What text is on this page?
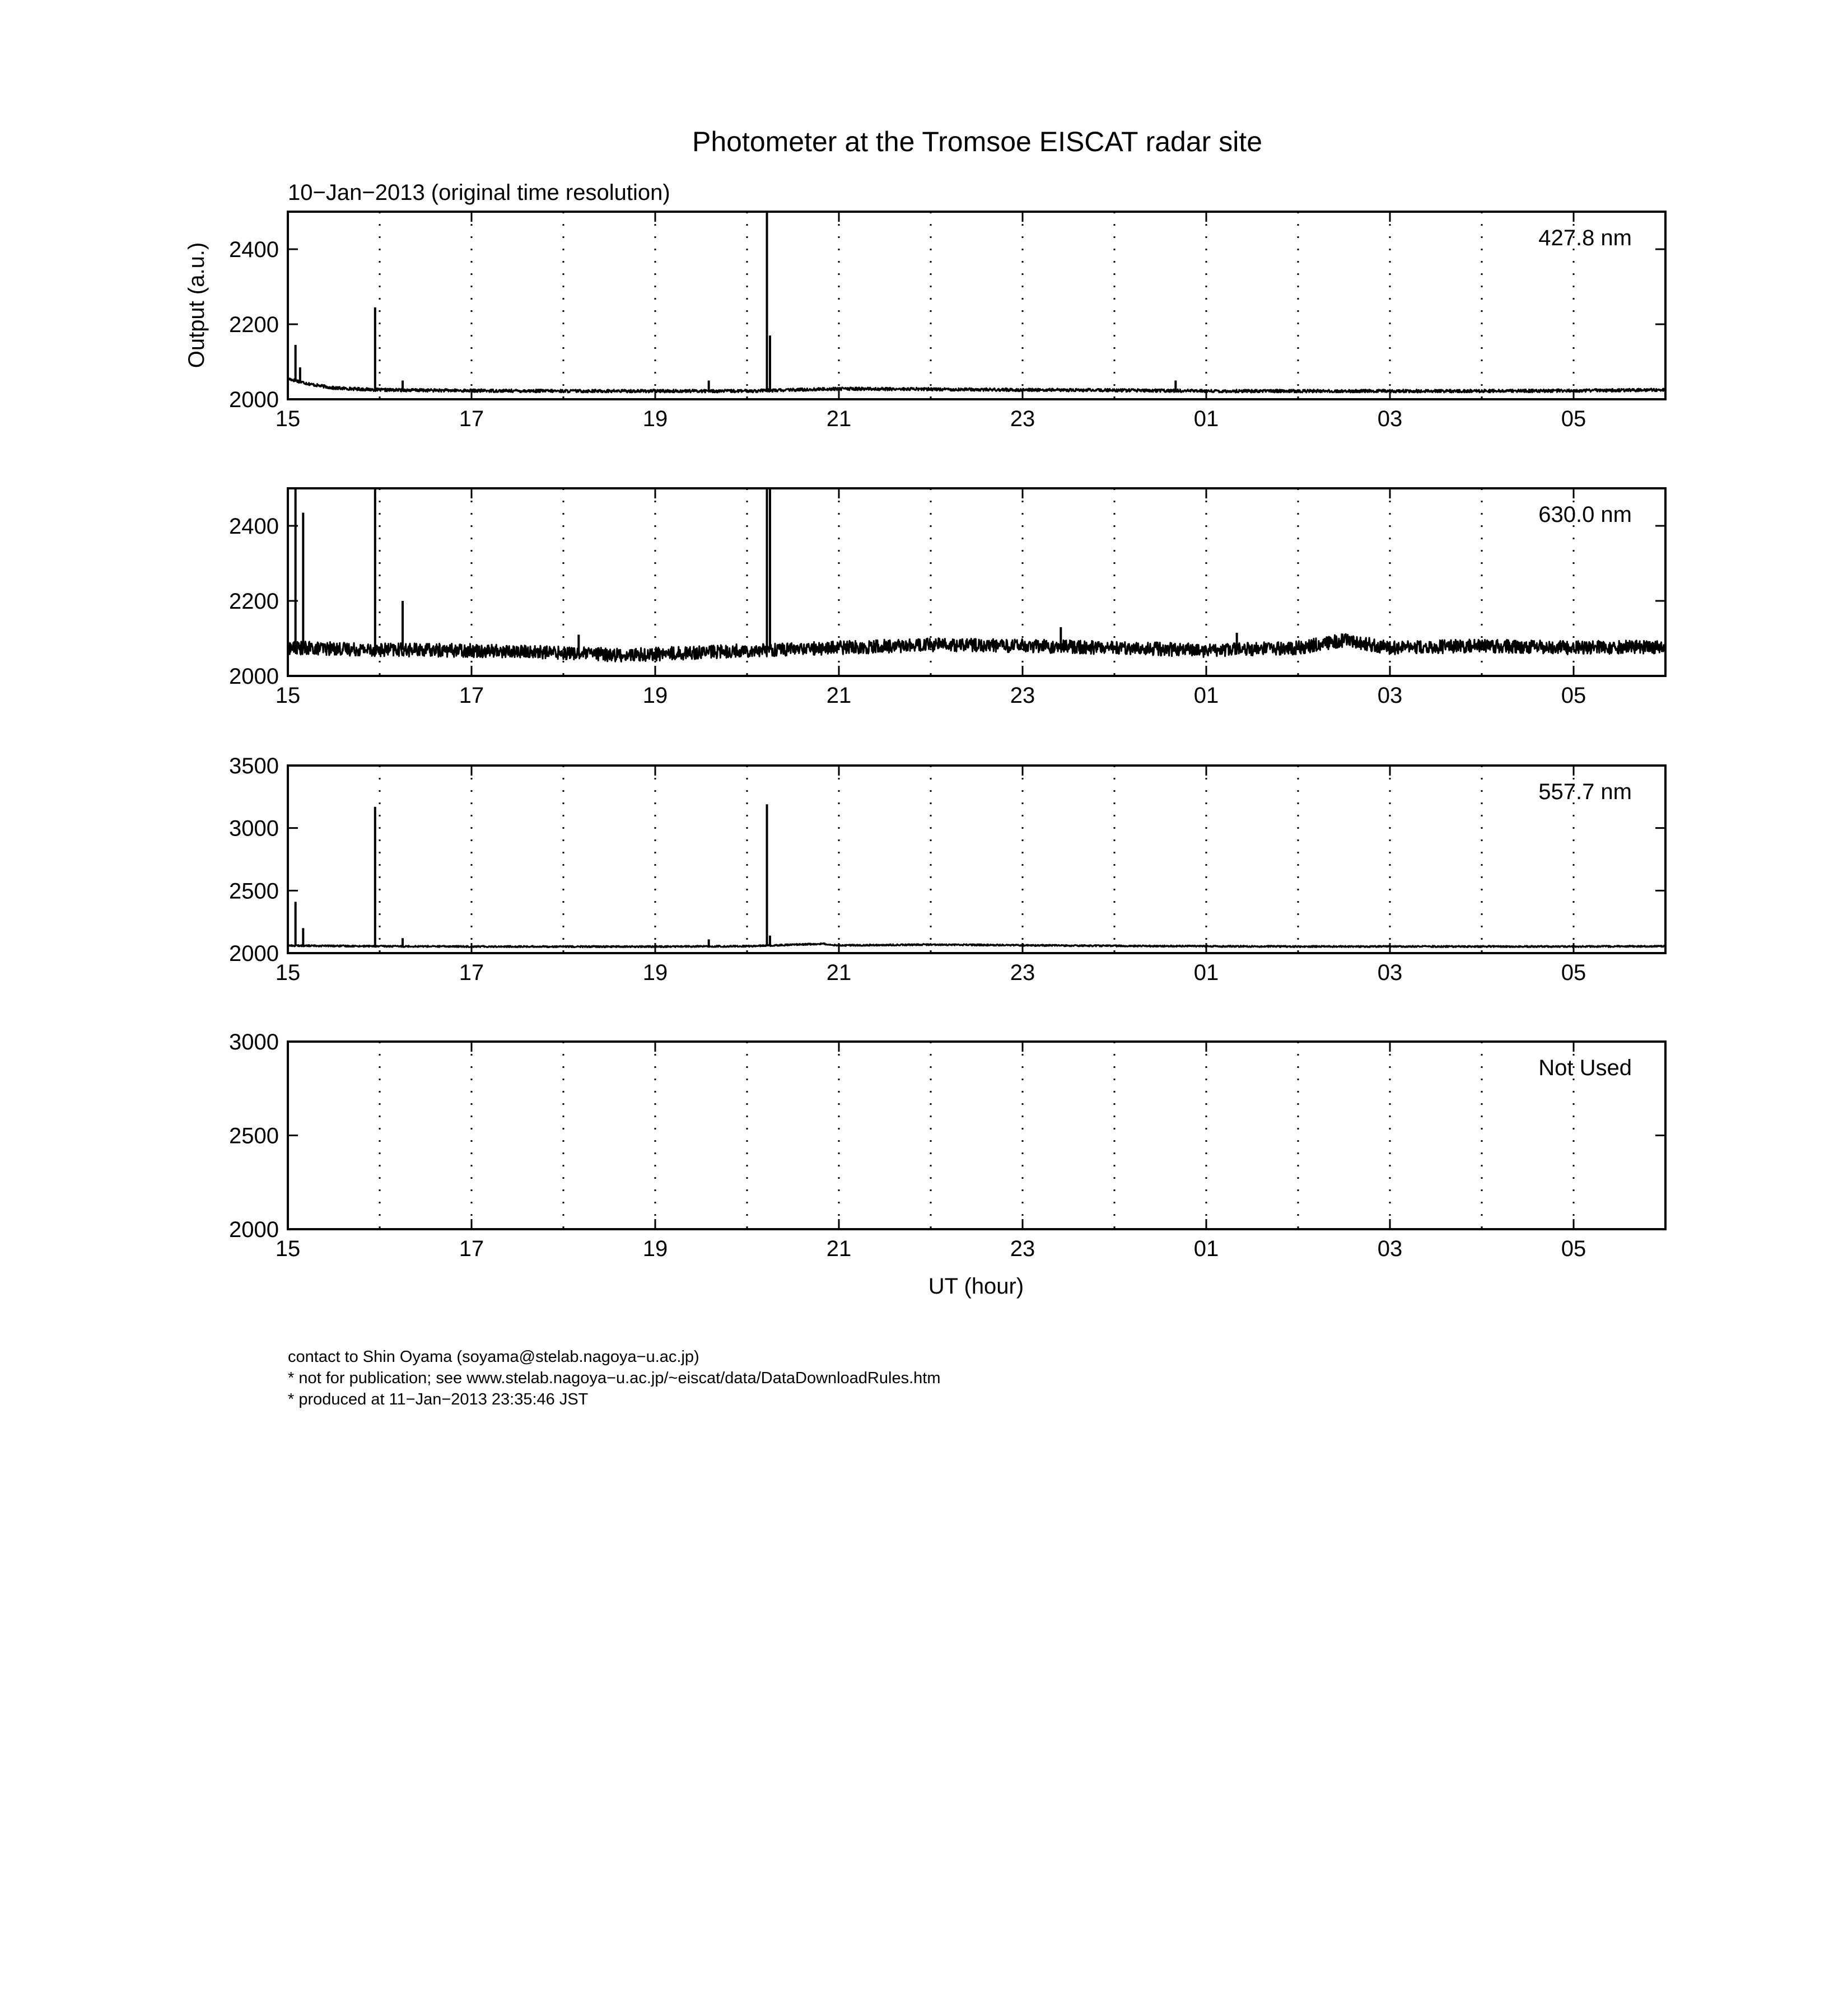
Photometer at the Tromsoe EISCAT radar site
10−Jan−2013 (original time resolution)
Output (a.u.)
UT (hour)
15	17	19	21	23	01	03	05
2000
2200
2400	427.8 nm
15	17	19	21	23	01	03	05
2000
2200
2400	630.0 nm
15	17	19	21	23	01	03	05
2000
2500
3000
3500
557.7 nm
15	17	19	21	23	01	03	05
2000
2500
3000
Not Used
contact to Shin Oyama (soyama@stelab.nagoya−u.ac.jp)
* not for publication; see www.stelab.nagoya−u.ac.jp/~eiscat/data/DataDownloadRules.htm
* produced at 11−Jan−2013 23:35:46 JST
